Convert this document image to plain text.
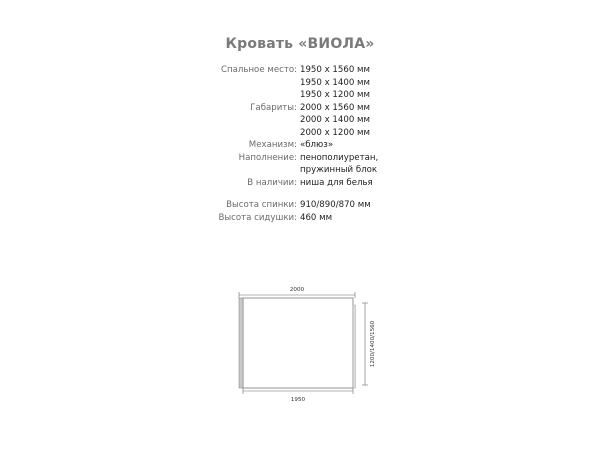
Кровать «ВИОЛА»
Спальное место: 1950 x 1560 мм
1950 x 1400 мм
1950 x 1200 мм
Габариты: 2000 x 1560 мм
2000 x 1400 мм
2000 x 1200 мм
Механизм: «блюз»
Наполнение: пенополиуретан,
пружинный блок
В наличии: ниша для белья
Высота спинки: 910/890/870 мм
Высота сидушки: 460 мм
2000
1200/1400/1560
1950
